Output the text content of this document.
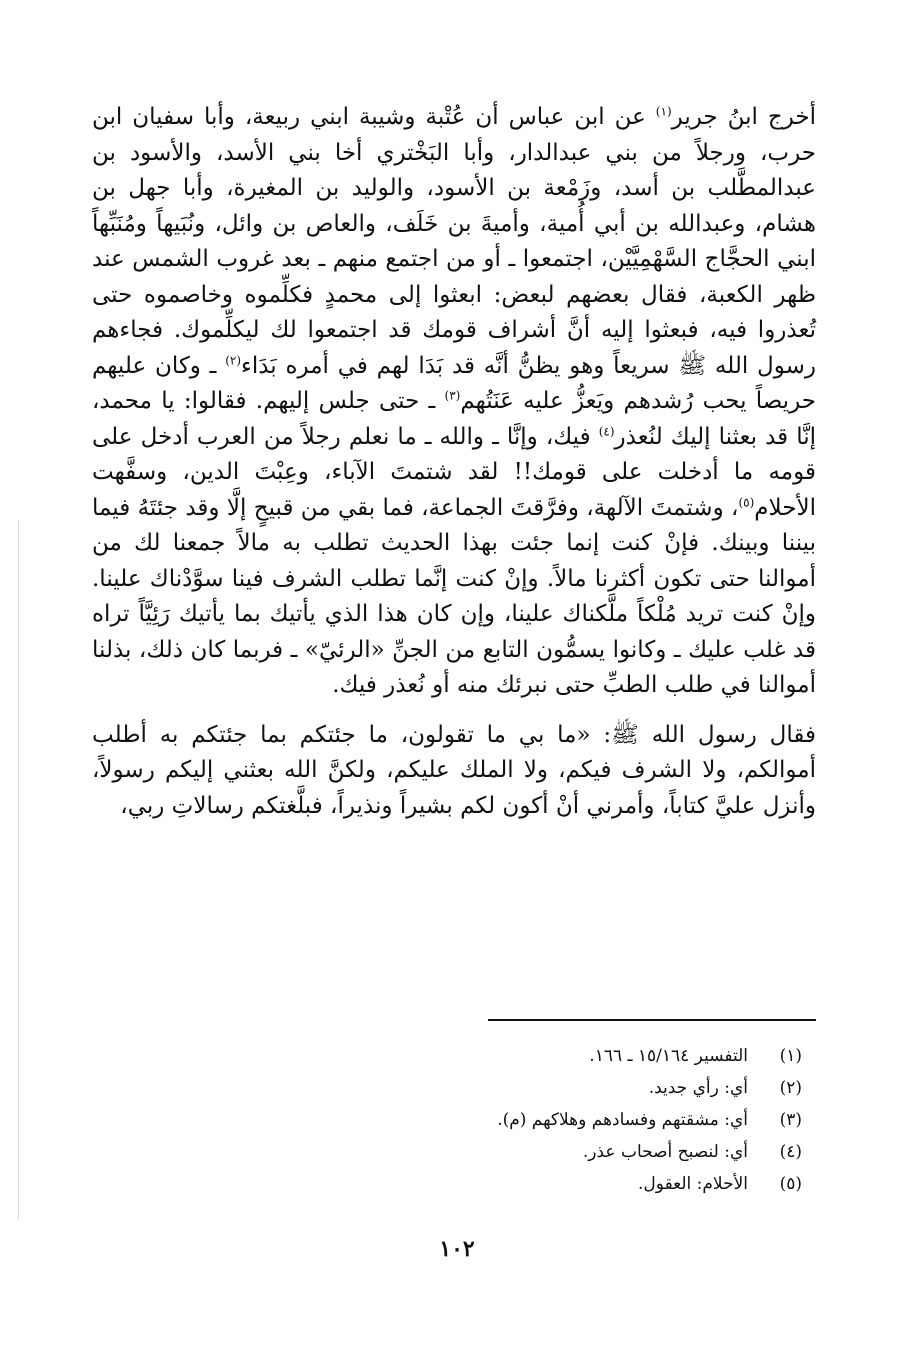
أخرج ابنُ جرير$^{(١)}$ عن ابن عباس أن عُتْبة وشيبة ابني ربيعة، وأبا سفيان ابن حرب، ورجلاً من بني عبدالدار، وأبا البَخْتري أخا بني الأسد، والأسود بن عبدالمطَّلب بن أسد، وزَمْعة بن الأسود، والوليد بن المغيرة، وأبا جهل بن هشام، وعبدالله بن أبي أُمية، وأميةَ بن خَلَف، والعاص بن وائل، ونُبَيهاً ومُنَبِّهاً ابني الحجَّاج السَّهْمِيَّيْن، اجتمعوا ـ أو من اجتمع منهم ـ بعد غروب الشمس عند ظهر الكعبة، فقال بعضهم لبعض: ابعثوا إلى محمدٍ فكلِّموه وخاصموه حتى تُعذروا فيه، فبعثوا إليه أنَّ أشراف قومك قد اجتمعوا لك ليكلِّموك. فجاءهم رسول الله ﷺ سريعاً وهو يظنُّ أنَّه قد بَدَا لهم في أمره بَدَاء$^{(٢)}$ ـ وكان عليهم حريصاً يحب رُشدهم ويَعزُّ عليه عَنَتُهم$^{(٣)}$ ـ حتى جلس إليهم. فقالوا: يا محمد، إنَّا قد بعثنا إليك لنُعذر$^{(٤)}$ فيك، وإنَّا ـ والله ـ ما نعلم رجلاً من العرب أدخل على قومه ما أدخلت على قومك!! لقد شتمتَ الآباء، وعِبْتَ الدين، وسفَّهت الأحلام$^{(٥)}$، وشتمتَ الآلهة، وفرَّقتَ الجماعة، فما بقي من قبيحٍ إلَّا وقد جئتَهُ فيما بيننا وبينك. فإنْ كنت إنما جئت بهذا الحديث تطلب به مالاً جمعنا لك من أموالنا حتى تكون أكثرنا مالاً. وإنْ كنت إنَّما تطلب الشرف فينا سوَّدْناك علينا. وإنْ كنت تريد مُلْكاً ملَّكناك علينا، وإن كان هذا الذي يأتيك بما يأتيك رَئِيَّاً تراه قد غلب عليك ـ وكانوا يسمُّون التابع من الجنِّ «الرئيّ» ـ فربما كان ذلك، بذلنا أموالنا في طلب الطبِّ حتى نبرئك منه أو نُعذر فيك.

فقال رسول الله ﷺ: «ما بي ما تقولون، ما جئتكم بما جئتكم به أطلب أموالكم، ولا الشرف فيكم، ولا الملك عليكم، ولكنَّ الله بعثني إليكم رسولاً، وأنزل عليَّ كتاباً، وأمرني أنْ أكون لكم بشيراً ونذيراً، فبلَّغتكم رسالاتِ ربي،

(١)
التفسير ١٥/١٦٤ ـ ١٦٦.
(٢)
أي: رأي جديد.
(٣)
أي: مشقتهم وفسادهم وهلاكهم (م).
(٤)
أي: لنصبح أصحاب عذر.
(٥)
الأحلام: العقول.
١٠٢
